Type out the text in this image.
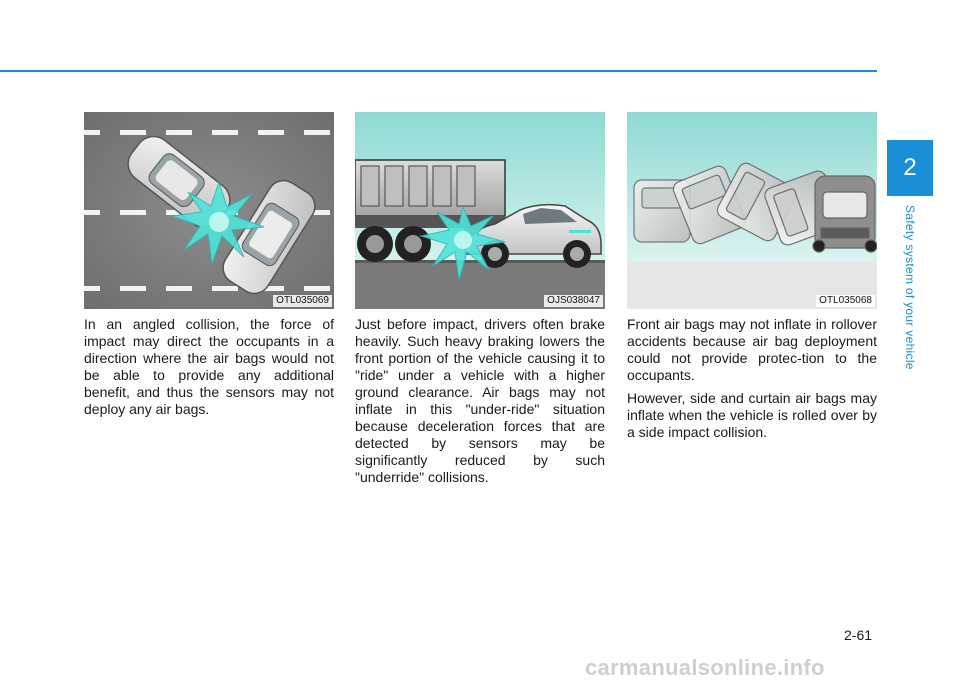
2
Safety system of your vehicle
OTL035069

In an angled collision, the force of impact may direct the occupants in a direction where the air bags would not be able to provide any additional benefit, and thus the sensors may not deploy any air bags.

OJS038047

Just before impact, drivers often brake heavily. Such heavy braking lowers the front portion of the vehicle causing it to "ride" under a vehicle with a higher ground clearance. Air bags may not inflate in this "under-ride" situation because deceleration forces that are detected by sensors may be significantly reduced by such "underride" collisions.

OTL035068

Front air bags may not inflate in rollover accidents because air bag deployment could not provide protec-tion to the occupants.

However, side and curtain air bags may inflate when the vehicle is rolled over by a side impact collision.

2-61
carmanualsonline.info
